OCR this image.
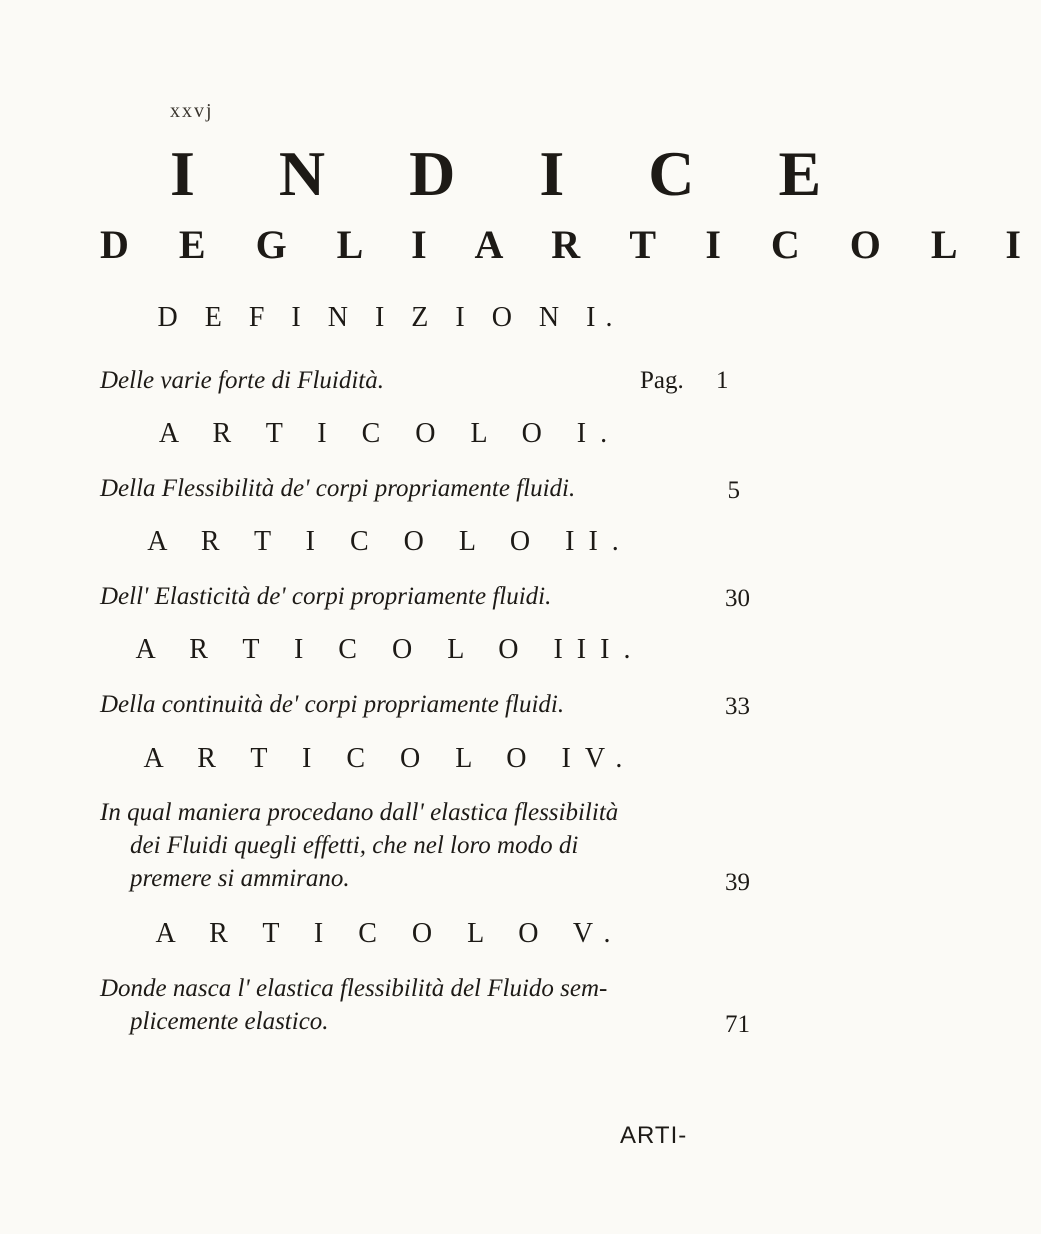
xxvj
I N D I C E
D E G L I A R T I C O L I
D E F I N I Z I O N I.
Delle varie forte di Fluidità.	Pag.	1
A R T I C O L O I.
Della Flessibilità de' corpi propriamente fluidi.	5
A R T I C O L O II.
Dell' Elasticità de' corpi propriamente fluidi.	30
A R T I C O L O III.
Della continuità de' corpi propriamente fluidi.	33
A R T I C O L O IV.
In qual maniera procedano dall' elastica flessibilità
dei Fluidi quegli effetti, che nel loro modo di
premere si ammirano.	39
A R T I C O L O V.
Donde nasca l' elastica flessibilità del Fluido sem-
plicemente elastico.	71
ARTI-
